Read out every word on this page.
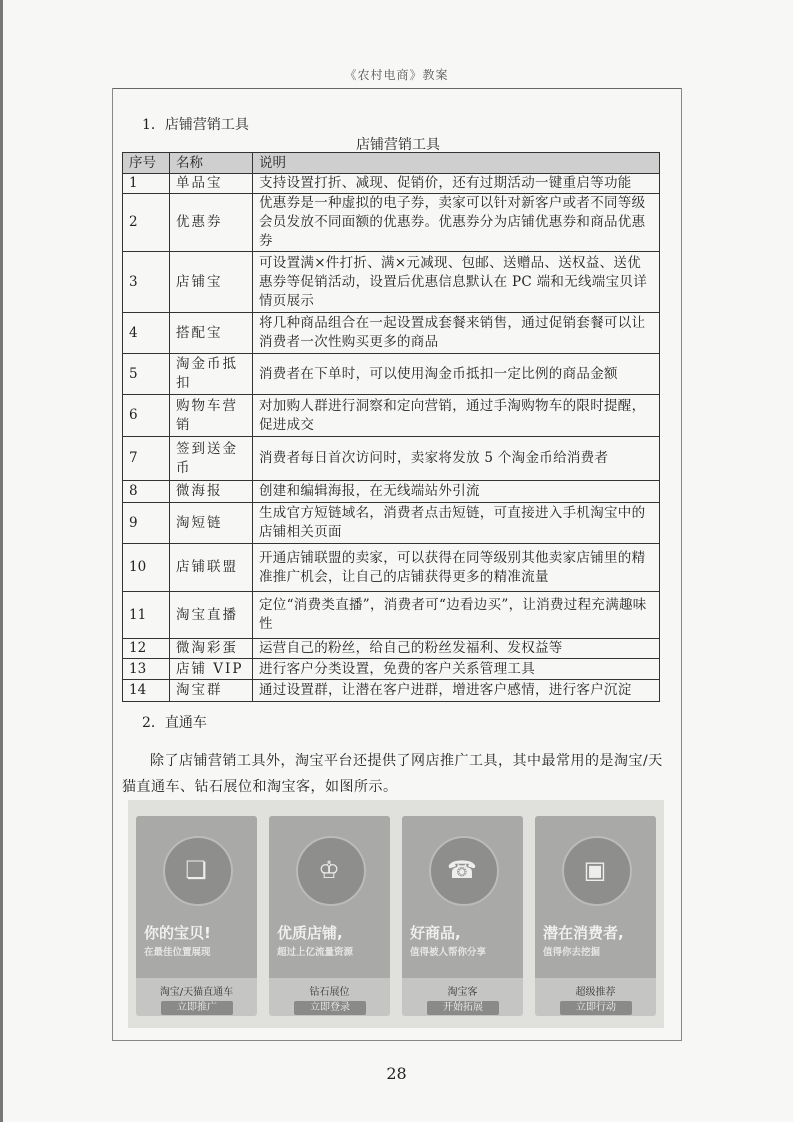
《农村电商》教案
1．店铺营销工具
店铺营销工具
序号	名称	说明
1	单品宝	支持设置打折、减现、促销价，还有过期活动一键重启等功能
2	优惠券	优惠券是一种虚拟的电子券，卖家可以针对新客户或者不同等级会员发放不同面额的优惠券。优惠券分为店铺优惠券和商品优惠券
3	店铺宝	可设置满×件打折、满×元减现、包邮、送赠品、送权益、送优惠券等促销活动，设置后优惠信息默认在 PC 端和无线端宝贝详情页展示
4	搭配宝	将几种商品组合在一起设置成套餐来销售，通过促销套餐可以让消费者一次性购买更多的商品
5	淘金币抵扣	消费者在下单时，可以使用淘金币抵扣一定比例的商品金额
6	购物车营销	对加购人群进行洞察和定向营销，通过手淘购物车的限时提醒，促进成交
7	签到送金币	消费者每日首次访问时，卖家将发放 5 个淘金币给消费者
8	微海报	创建和编辑海报，在无线端站外引流
9	淘短链	生成官方短链域名，消费者点击短链，可直接进入手机淘宝中的店铺相关页面
10	店铺联盟	开通店铺联盟的卖家，可以获得在同等级别其他卖家店铺里的精准推广机会，让自己的店铺获得更多的精准流量
11	淘宝直播	定位“消费类直播”，消费者可“边看边买”，让消费过程充满趣味性
12	微淘彩蛋	运营自己的粉丝，给自己的粉丝发福利、发权益等
13	店铺 VIP	进行客户分类设置，免费的客户关系管理工具
14	淘宝群	通过设置群，让潜在客户进群，增进客户感情，进行客户沉淀
2．直通车
除了店铺营销工具外，淘宝平台还提供了网店推广工具，其中最常用的是淘宝/天猫直通车、钻石展位和淘宝客，如图所示。
❏
你的宝贝!
在最佳位置展现
淘宝/天猫直通车
立即推广
♔
优质店铺,
超过上亿流量资源
钻石展位
立即登录
☎
好商品,
值得被人帮你分享
淘宝客
开始拓展
▣
潜在消费者,
值得你去挖掘
超级推荐
立即行动
28
